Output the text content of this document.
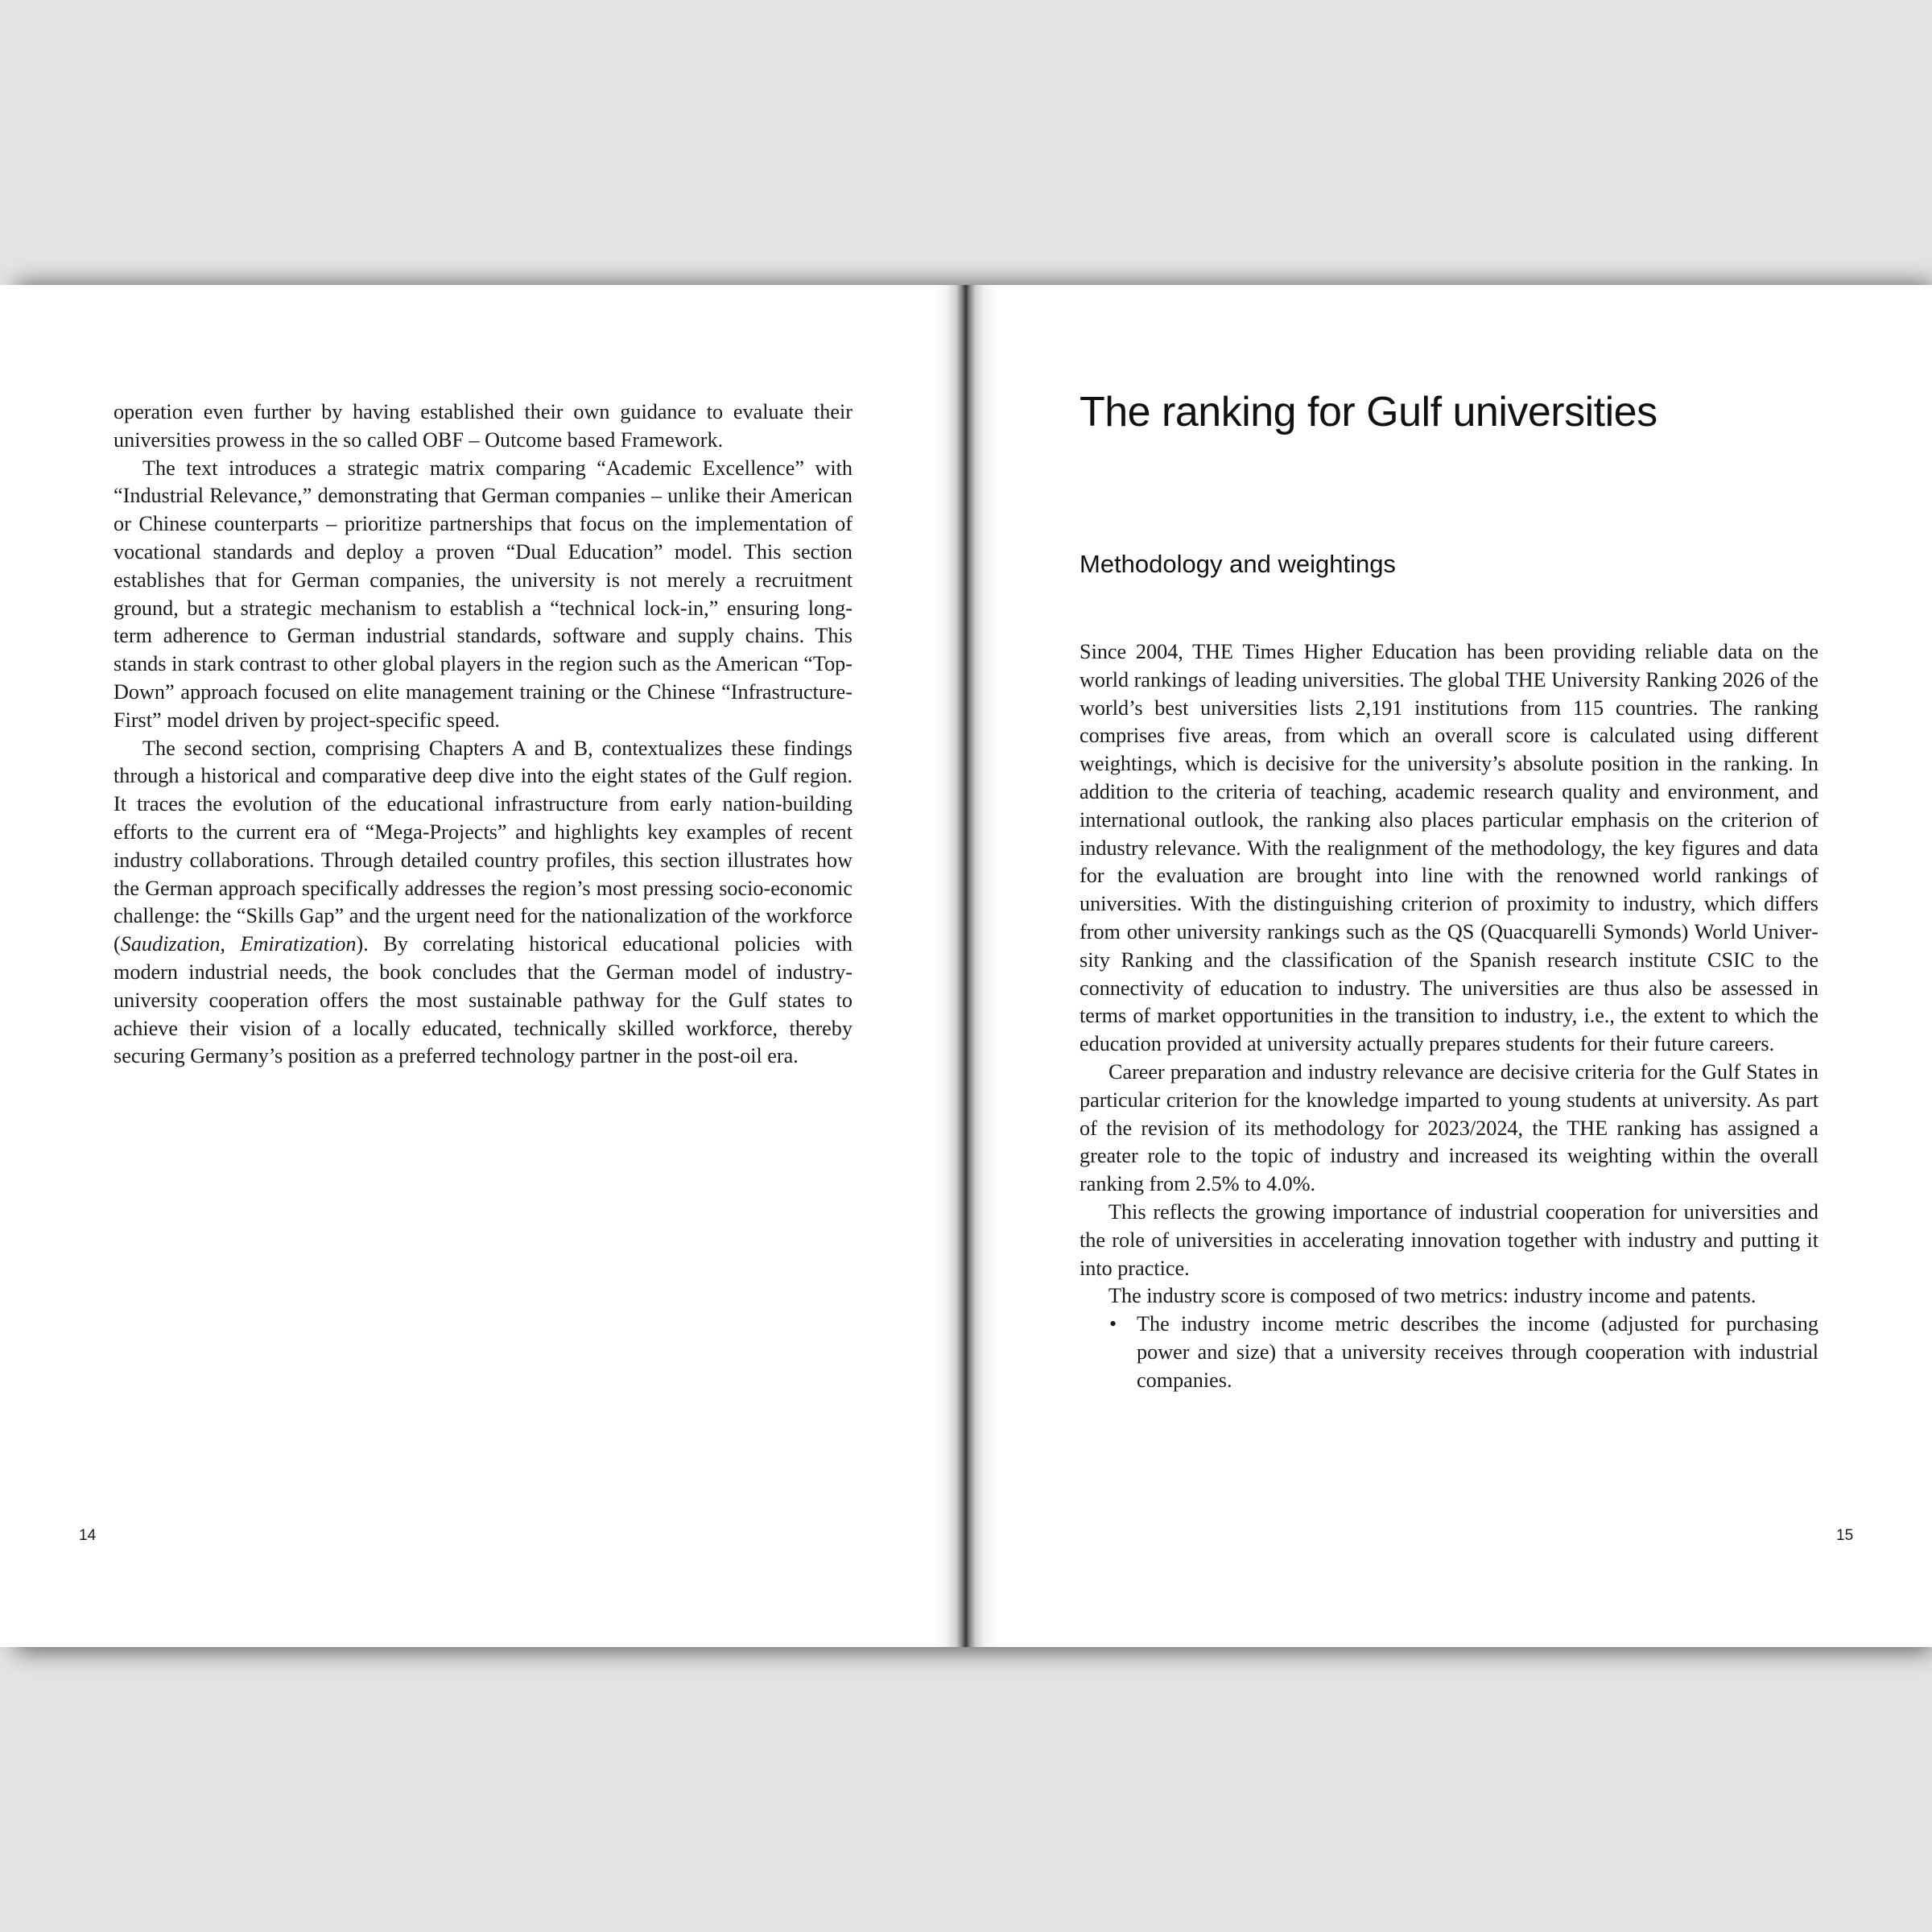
operation even further by having established their own guidance to evaluate their universities prowess in the so called OBF – Outcome based Framework.

The text introduces a strategic matrix comparing “Academic Excellence” with “Industrial Relevance,” demonstrating that German companies – unlike their American or Chinese counterparts – prioritize partnerships that focus on the implementation of vocational standards and deploy a proven “Dual Education” model. This section establishes that for German companies, the university is not merely a recruitment ground, but a strategic mechanism to establish a “technical lock-in,” ensuring long-term adherence to German industrial standards, software and supply chains. This stands in stark contrast to other global players in the region such as the American “Top-Down” approach focused on elite management training or the Chinese “Infrastructure-First” model driven by project-specific speed.

The second section, comprising Chapters A and B, contextualizes these findings through a historical and comparative deep dive into the eight states of the Gulf region. It traces the evolution of the educational infrastructure from early nation-building efforts to the current era of “Mega-Projects” and highlights key examples of recent industry collaborations. Through detailed country profiles, this section illustrates how the German approach specifically addresses the region’s most pressing socio-economic challenge: the “Skills Gap” and the urgent need for the nationalization of the workforce (Saudization, Emiratization). By correlating historical educational policies with modern industrial needs, the book concludes that the German model of industry-university cooperation offers the most sustainable pathway for the Gulf states to achieve their vision of a locally educated, technically skilled workforce, thereby securing Germany’s position as a preferred technology partner in the post-oil era.

14
The ranking for Gulf universities
Methodology and weightings

Since 2004, THE Times Higher Education has been providing reliable data on the world rankings of leading universities. The global THE University Ranking 2026 of the world’s best universities lists 2,191 institutions from 115 countries. The ranking comprises five areas, from which an overall score is calculated using different weightings, which is decisive for the university’s absolute position in the ranking. In addition to the criteria of teaching, academic research quality and environment, and international outlook, the ranking also places particular emphasis on the criterion of industry relevance. With the realignment of the methodology, the key figures and data for the evaluation are brought into line with the renowned world rankings of universities. With the distinguishing criterion of proximity to industry, which differs from other university rankings such as the QS (Quacquarelli Symonds) World University Ranking and the classification of the Spanish research institute CSIC to the connectivity of education to industry. The universities are thus also be assessed in terms of market opportunities in the transition to industry, i.e., the extent to which the education provided at university actually prepares students for their future careers.

Career preparation and industry relevance are decisive criteria for the Gulf States in particular criterion for the knowledge imparted to young students at university. As part of the revision of its methodology for 2023/2024, the THE ranking has assigned a greater role to the topic of industry and increased its weighting within the overall ranking from 2.5% to 4.0%.

This reflects the growing importance of industrial cooperation for universities and the role of universities in accelerating innovation together with industry and putting it into practice.

The industry score is composed of two metrics: industry income and patents.

• The industry income metric describes the income (adjusted for purchasing power and size) that a university receives through cooperation with industrial companies.
15
